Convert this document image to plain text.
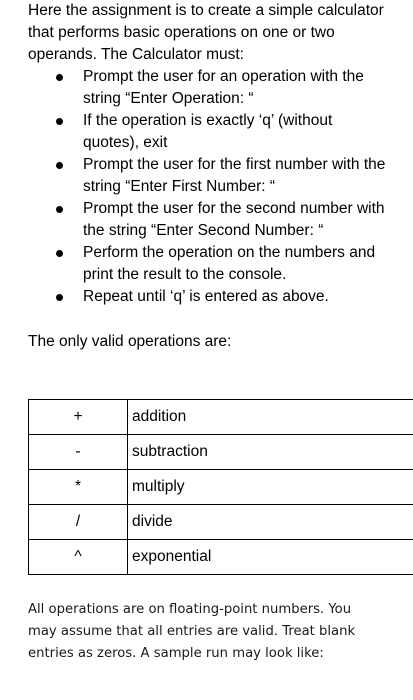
Here the assignment is to create a simple calculator that performs basic operations on one or two operands. The Calculator must:

Prompt the user for an operation with the string “Enter Operation: “
If the operation is exactly ‘q’ (without quotes), exit
Prompt the user for the first number with the string “Enter First Number: “
Prompt the user for the second number with the string “Enter Second Number: “
Perform the operation on the numbers and print the result to the console.
Repeat until ‘q’ is entered as above.

The only valid operations are:

+	addition
-	subtraction
*	multiply
/	divide
^	exponential

All operations are on floating-point numbers. You may assume that all entries are valid. Treat blank entries as zeros. A sample run may look like:
